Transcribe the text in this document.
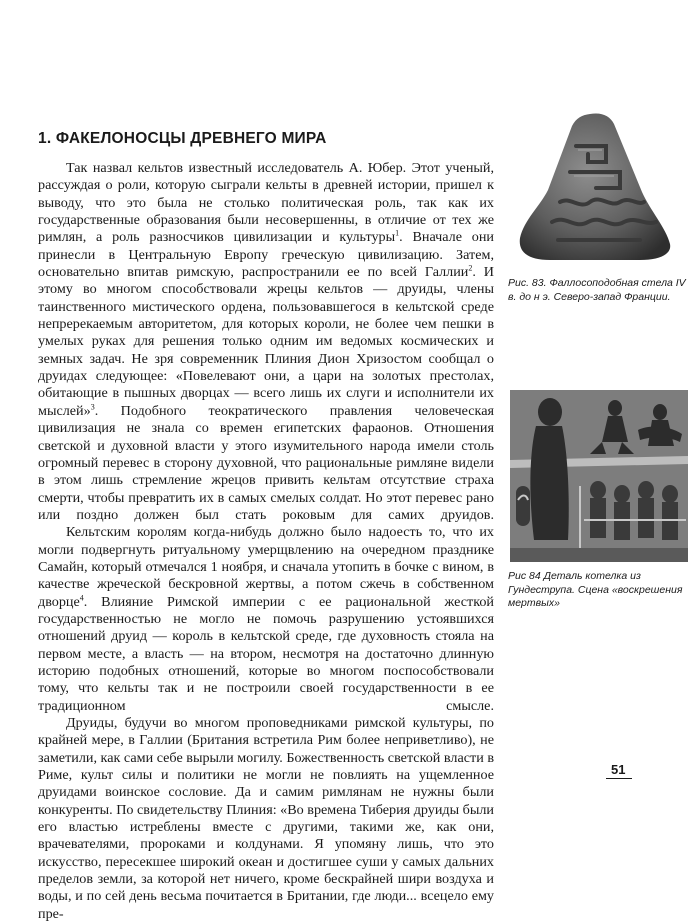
1. ФАКЕЛОНОСЦЫ ДРЕВНЕГО МИРА

Так назвал кельтов известный исследователь А. Юбер. Этот ученый, рассуждая о роли, которую сыграли кельты в древней истории, пришел к выводу, что это была не столько политическая роль, так как их государственные образования были несовершенны, в отличие от тех же римлян, а роль разносчиков цивилизации и культуры$^1$. Вначале они принесли в Центральную Европу греческую цивилизацию. Затем, основательно впитав римскую, распространили ее по всей Галлии$^2$. И этому во многом способствовали жрецы кельтов — друиды, члены таинственного мистического ордена, пользовавшегося в кельтской среде непререкаемым авторитетом, для которых короли, не более чем пешки в умелых руках для решения только одним им ведомых космических и земных задач. Не зря современник Плиния Дион Хризостом сообщал о друидах следующее: «Повелевают они, а цари на золотых престолах, обитающие в пышных дворцах — всего лишь их слуги и исполнители их мыслей»$^3$. Подобного теократического правления человеческая цивилизация не знала со времен египетских фараонов. Отношения светской и духовной власти у этого изумительного народа имели столь огромный перевес в сторону духовной, что рациональные римляне видели в этом лишь стремление жрецов привить кельтам отсутствие страха смерти, чтобы превратить их в самых смелых солдат. Но этот перевес рано или поздно должен был стать роковым для самих друидов.

Кельтским королям когда-нибудь должно было надоесть то, что их могли подвергнуть ритуальному умерщвлению на очередном празднике Самайн, который отмечался 1 ноября, и сначала утопить в бочке с вином, в качестве жреческой бескровной жертвы, а потом сжечь в собственном дворце$^4$. Влияние Римской империи с ее рациональной жесткой государственностью не могло не помочь разрушению устоявшихся отношений друид — король в кельтской среде, где духовность стояла на первом месте, а власть — на втором, несмотря на достаточно длинную историю подобных отношений, которые во многом поспособствовали тому, что кельты так и не построили своей государственности в ее традиционном смысле.

Друиды, будучи во многом проповедниками римской культуры, по крайней мере, в Галлии (Британия встретила Рим более неприветливо), не заметили, как сами себе вырыли могилу. Божественность светской власти в Риме, культ силы и политики не могли не повлиять на ущемленное друидами воинское сословие. Да и самим римлянам не нужны были конкуренты. По свидетельству Плиния: «Во времена Тиберия друиды были его властью истреблены вместе с другими, такими же, как они, врачевателями, пророками и колдунами. Я упомяну лишь, что это искусство, пересекшее широкий океан и достигшее суши у самых дальних пределов земли, за которой нет ничего, кроме бескрайней шири воздуха и воды, и по сей день весьма почитается в Британии, где люди... всецело ему пре-

Рис. 83. Фаллосоподобная стела IV в. до н э. Северо-запад Франции.
Рис 84 Деталь котелка из Гундеструпа. Сцена «воскрешения мертвых»
51
